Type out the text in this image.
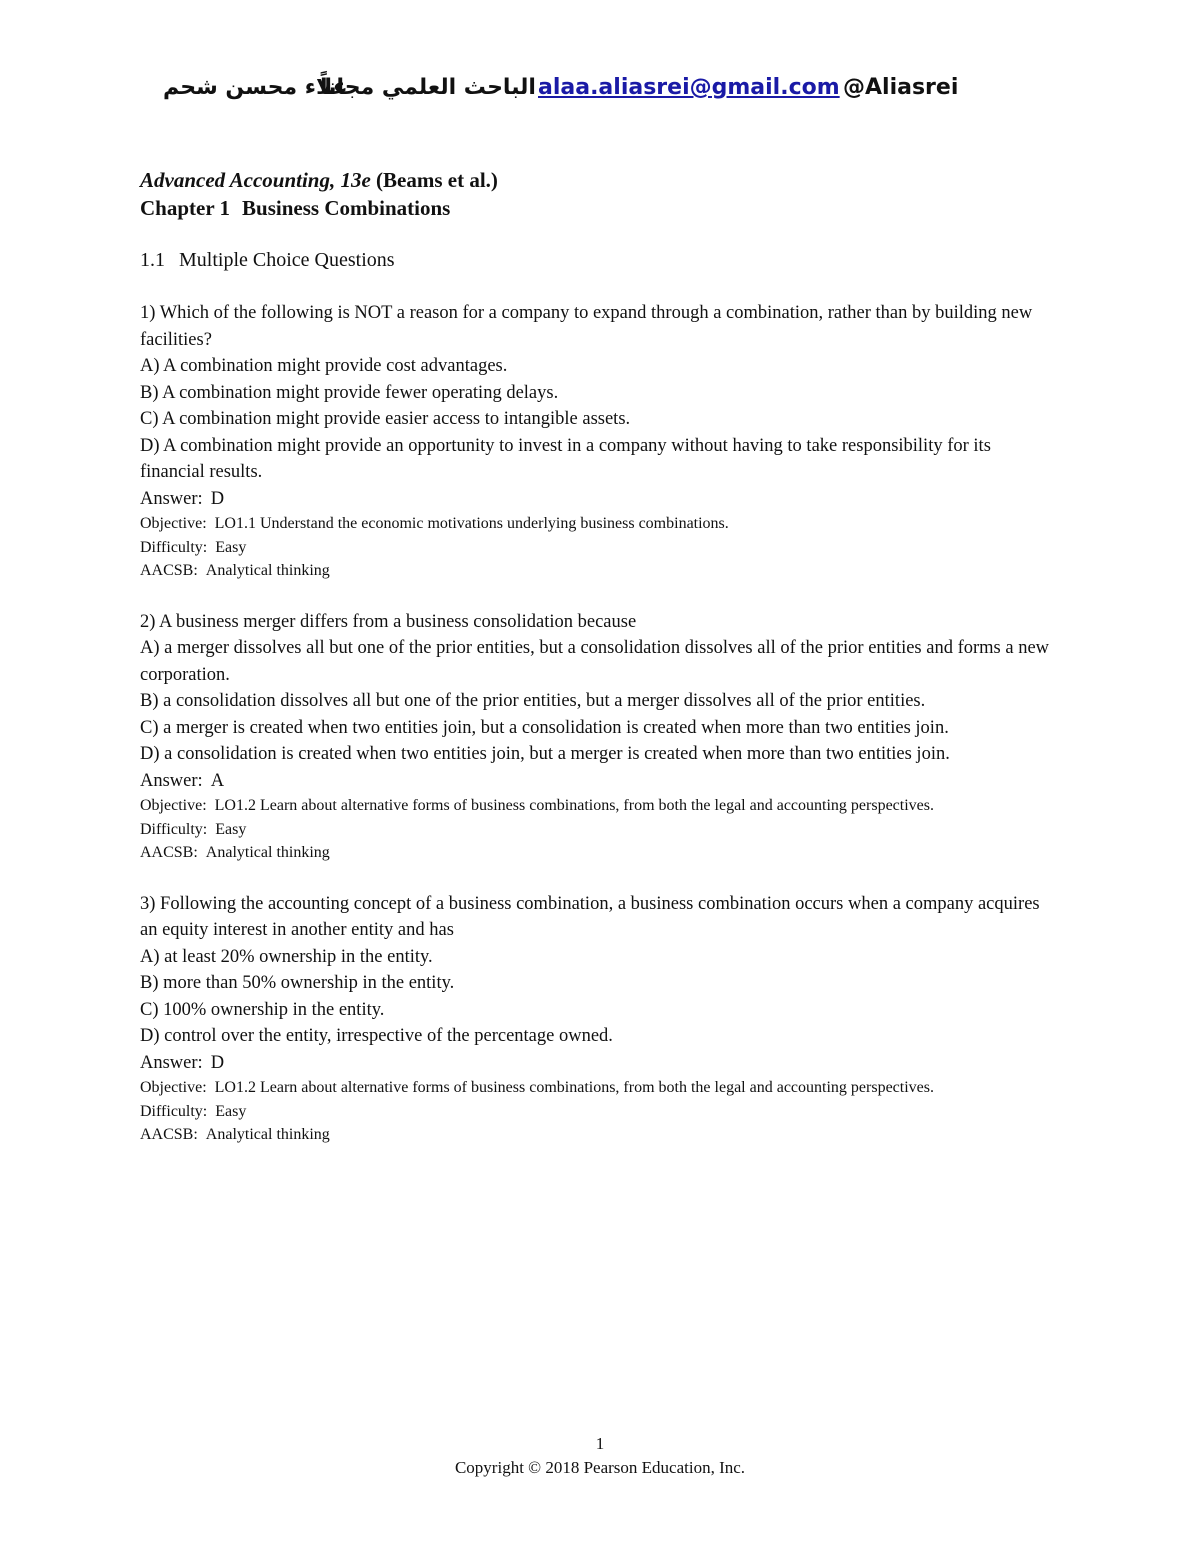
علاء محسن شحم
الباحث العلمي مجاناً alaa.aliasrei@gmail.com @Aliasrei
Advanced Accounting, 13e (Beams et al.)
Chapter 1 Business Combinations
1.1 Multiple Choice Questions
1) Which of the following is NOT a reason for a company to expand through a combination, rather than by building new facilities?
A) A combination might provide cost advantages.
B) A combination might provide fewer operating delays.
C) A combination might provide easier access to intangible assets.
D) A combination might provide an opportunity to invest in a company without having to take responsibility for its financial results.
Answer: D
Objective: LO1.1 Understand the economic motivations underlying business combinations.
Difficulty: Easy
AACSB: Analytical thinking
2) A business merger differs from a business consolidation because
A) a merger dissolves all but one of the prior entities, but a consolidation dissolves all of the prior entities and forms a new corporation.
B) a consolidation dissolves all but one of the prior entities, but a merger dissolves all of the prior entities.
C) a merger is created when two entities join, but a consolidation is created when more than two entities join.
D) a consolidation is created when two entities join, but a merger is created when more than two entities join.
Answer: A
Objective: LO1.2 Learn about alternative forms of business combinations, from both the legal and accounting perspectives.
Difficulty: Easy
AACSB: Analytical thinking
3) Following the accounting concept of a business combination, a business combination occurs when a company acquires an equity interest in another entity and has
A) at least 20% ownership in the entity.
B) more than 50% ownership in the entity.
C) 100% ownership in the entity.
D) control over the entity, irrespective of the percentage owned.
Answer: D
Objective: LO1.2 Learn about alternative forms of business combinations, from both the legal and accounting perspectives.
Difficulty: Easy
AACSB: Analytical thinking
1
Copyright © 2018 Pearson Education, Inc.
